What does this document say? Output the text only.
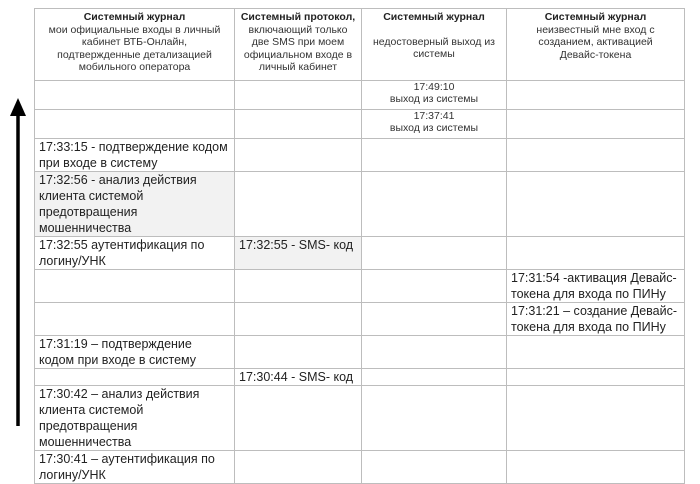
Системный журнал
мои официальные входы в личный
кабинет ВТБ-Онлайн,
подтвержденные детализацией
мобильного оператора	Системный протокол,
включающий только
две SMS при моем
официальном входе в
личный кабинет	Системный журнал
недостоверный выход из
системы	Системный журнал
неизвестный мне вход с
созданием, активацией
Девайс-токена

		17:49:10
выход из системы	
		17:37:41
выход из системы	
17:33:15 - подтверждение кодом при входе в систему			
17:32:56 - анализ действия клиента системой предотвращения мошенничества			
17:32:55 аутентификация по логину/УНК	17:32:55 - SMS- код		
			17:31:54 -активация Девайс-токена для входа по ПИНу
			17:31:21 – создание Девайс-токена для входа по ПИНу
17:31:19 – подтверждение кодом при входе в систему			
	17:30:44 - SMS- код		
17:30:42 – анализ действия клиента системой предотвращения мошенничества			
17:30:41 – аутентификация по логину/УНК			
